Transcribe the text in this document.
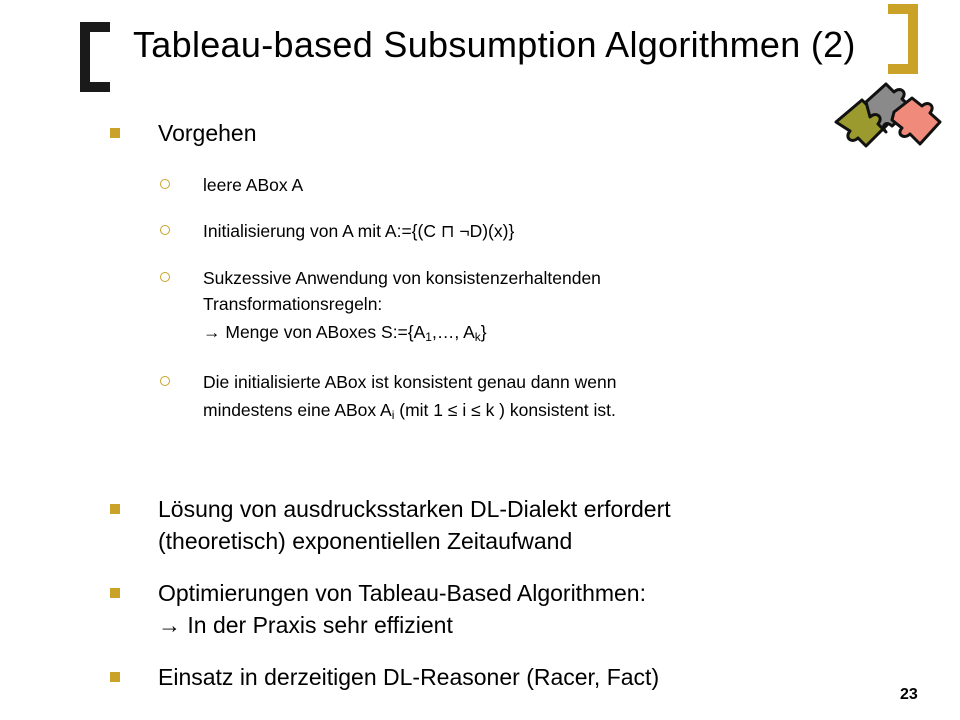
Tableau-based Subsumption Algorithmen (2)
Vorgehen
leere ABox A
Initialisierung von A mit A:={(C ⊓ ¬D)(x)}
Sukzessive Anwendung von konsistenzerhaltenden
Transformationsregeln:
→ Menge von ABoxes $S:=\{A_1,\dots$, $A_k$}
Die initialisierte ABox ist konsistent genau dann wenn
mindestens eine ABox $A_i$ (mit 1 ≤ i ≤ k ) konsistent ist.
Lösung von ausdrucksstarken DL-Dialekt erfordert
(theoretisch) exponentiellen Zeitaufwand
Optimierungen von Tableau-Based Algorithmen:
→ In der Praxis sehr effizient
Einsatz in derzeitigen DL-Reasoner (Racer, Fact)
23
